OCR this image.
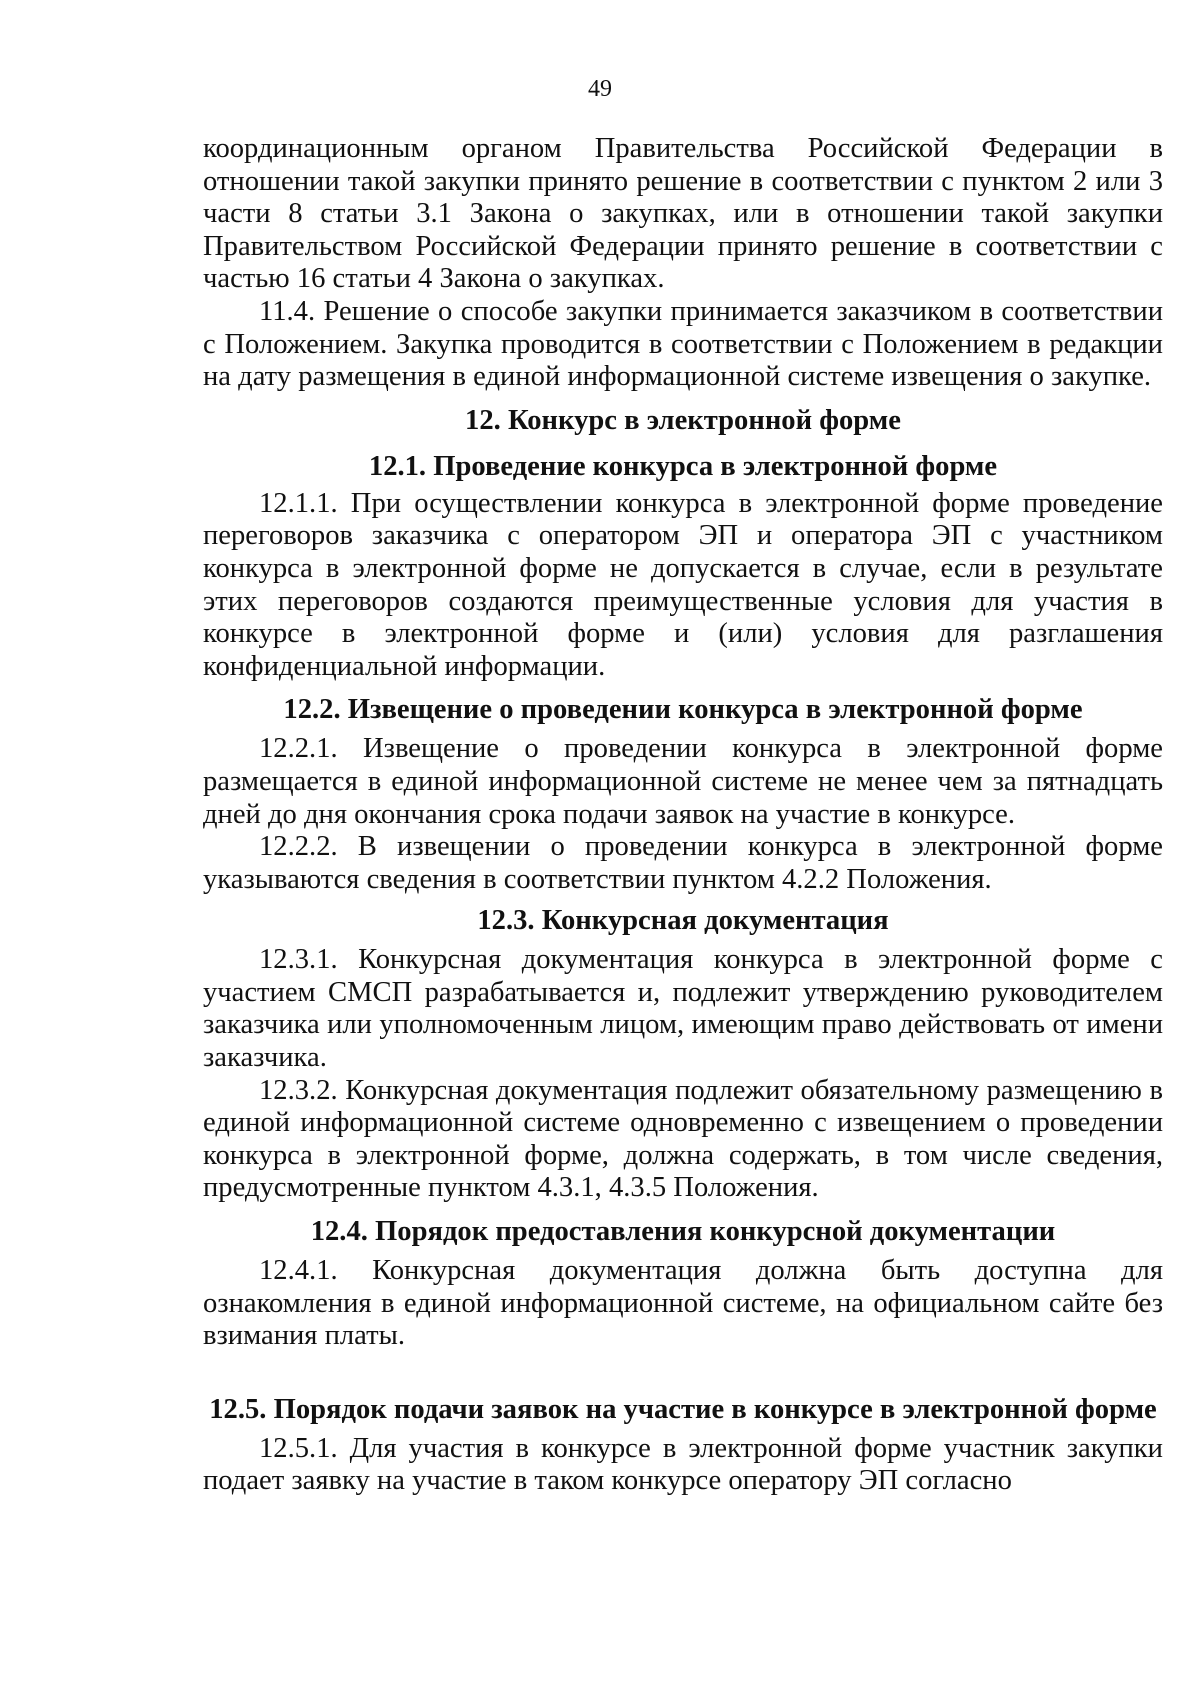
49

координационным органом Правительства Российской Федерации в отношении такой закупки принято решение в соответствии с пунктом 2 или 3 части 8 статьи 3.1 Закона о закупках, или в отношении такой закупки Правительством Российской Федерации принято решение в соответствии с частью 16 статьи 4 Закона о закупках.

11.4. Решение о способе закупки принимается заказчиком в соответствии с Положением. Закупка проводится в соответствии с Положением в редакции на дату размещения в единой информационной системе извещения о закупке.

12. Конкурс в электронной форме
12.1. Проведение конкурса в электронной форме

12.1.1. При осуществлении конкурса в электронной форме проведение переговоров заказчика с оператором ЭП и оператора ЭП с участником конкурса в электронной форме не допускается в случае, если в результате этих переговоров создаются преимущественные условия для участия в конкурсе в электронной форме и (или) условия для разглашения конфиденциальной информации.

12.2. Извещение о проведении конкурса в электронной форме

12.2.1. Извещение о проведении конкурса в электронной форме размещается в единой информационной системе не менее чем за пятнадцать дней до дня окончания срока подачи заявок на участие в конкурсе.

12.2.2. В извещении о проведении конкурса в электронной форме указываются сведения в соответствии пунктом 4.2.2 Положения.

12.3. Конкурсная документация

12.3.1. Конкурсная документация конкурса в электронной форме с участием СМСП разрабатывается и, подлежит утверждению руководителем заказчика или уполномоченным лицом, имеющим право действовать от имени заказчика.

12.3.2. Конкурсная документация подлежит обязательному размещению в единой информационной системе одновременно с извещением о проведении конкурса в электронной форме, должна содержать, в том числе сведения, предусмотренные пунктом 4.3.1, 4.3.5 Положения.

12.4. Порядок предоставления конкурсной документации

12.4.1. Конкурсная документация должна быть доступна для ознакомления в единой информационной системе, на официальном сайте без взимания платы.

12.5. Порядок подачи заявок на участие в конкурсе в электронной форме

12.5.1. Для участия в конкурсе в электронной форме участник закупки подает заявку на участие в таком конкурсе оператору ЭП согласно
